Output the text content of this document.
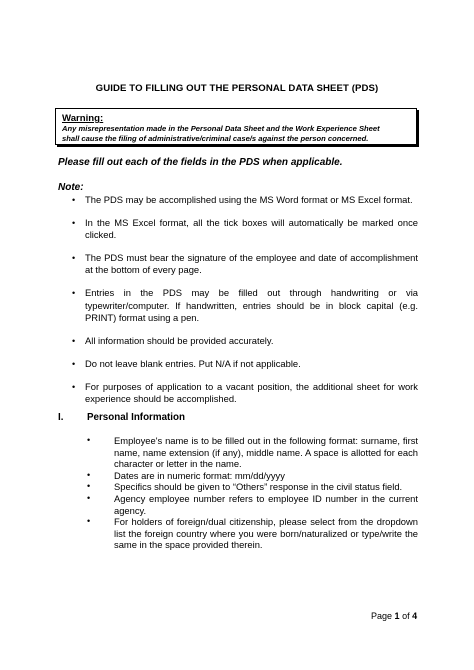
GUIDE TO FILLING OUT THE PERSONAL DATA SHEET (PDS)
Warning:
Any misrepresentation made in the Personal Data Sheet and the Work Experience Sheet
shall cause the filing of administrative/criminal case/s against the person concerned.
Please fill out each of the fields in the PDS when applicable.
Note:
• The PDS may be accomplished using the MS Word format or MS Excel format.
• In the MS Excel format, all the tick boxes will automatically be marked once clicked.
• The PDS must bear the signature of the employee and date of accomplishment at the bottom of every page.
• Entries in the PDS may be filled out through handwriting or via typewriter/computer. If handwritten, entries should be in block capital (e.g. PRINT) format using a pen.
• All information should be provided accurately.
• Do not leave blank entries. Put N/A if not applicable.
• For purposes of application to a vacant position, the additional sheet for work experience should be accomplished.
I. Personal Information
•	Employee's name is to be filled out in the following format: surname, first name, name extension (if any), middle name. A space is allotted for each character or letter in the name.
•	Dates are in numeric format: mm/dd/yyyy
•	Specifics should be given to “Others” response in the civil status field.
•	Agency employee number refers to employee ID number in the current agency.
•	For holders of foreign/dual citizenship, please select from the dropdown list the foreign country where you were born/naturalized or type/write the same in the space provided therein.
Page 1 of 4
